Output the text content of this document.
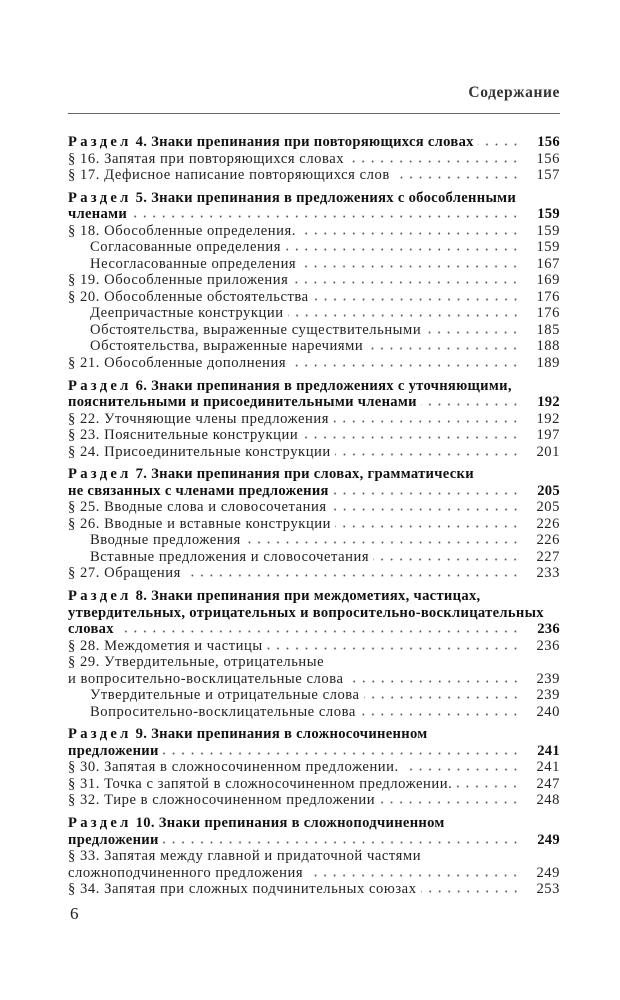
Содержание
Раздел 4. Знаки препинания при повторяющихся словах	156
§ 16. Запятая при повторяющихся словах	156
§ 17. Дефисное написание повторяющихся слов	157
Раздел 5. Знаки препинания в предложениях с обособленными
членами	159
§ 18. Обособленные определения.	159
Согласованные определения	159
Несогласованные определения	167
§ 19. Обособленные приложения	169
§ 20. Обособленные обстоятельства	176
Деепричастные конструкции	176
Обстоятельства, выраженные существительными	185
Обстоятельства, выраженные наречиями	188
§ 21. Обособленные дополнения	189
Раздел 6. Знаки препинания в предложениях с уточняющими,
пояснительными и присоединительными членами	192
§ 22. Уточняющие члены предложения	192
§ 23. Пояснительные конструкции	197
§ 24. Присоединительные конструкции	201
Раздел 7. Знаки препинания при словах, грамматически
не связанных с членами предложения	205
§ 25. Вводные слова и словосочетания	205
§ 26. Вводные и вставные конструкции	226
Вводные предложения	226
Вставные предложения и словосочетания	227
§ 27. Обращения	233
Раздел 8. Знаки препинания при междометиях, частицах,
утвердительных, отрицательных и вопросительно-восклицательных
словах	236
§ 28. Междометия и частицы	236
§ 29. Утвердительные, отрицательные
и вопросительно-восклицательные слова	239
Утвердительные и отрицательные слова	239
Вопросительно-восклицательные слова	240
Раздел 9. Знаки препинания в сложносочиненном
предложении	241
§ 30. Запятая в сложносочиненном предложении.	241
§ 31. Точка с запятой в сложносочиненном предложении.	247
§ 32. Тире в сложносочиненном предложении	248
Раздел 10. Знаки препинания в сложноподчиненном
предложении	249
§ 33. Запятая между главной и придаточной частями
сложноподчиненного предложения	249
§ 34. Запятая при сложных подчинительных союзах	253
6
